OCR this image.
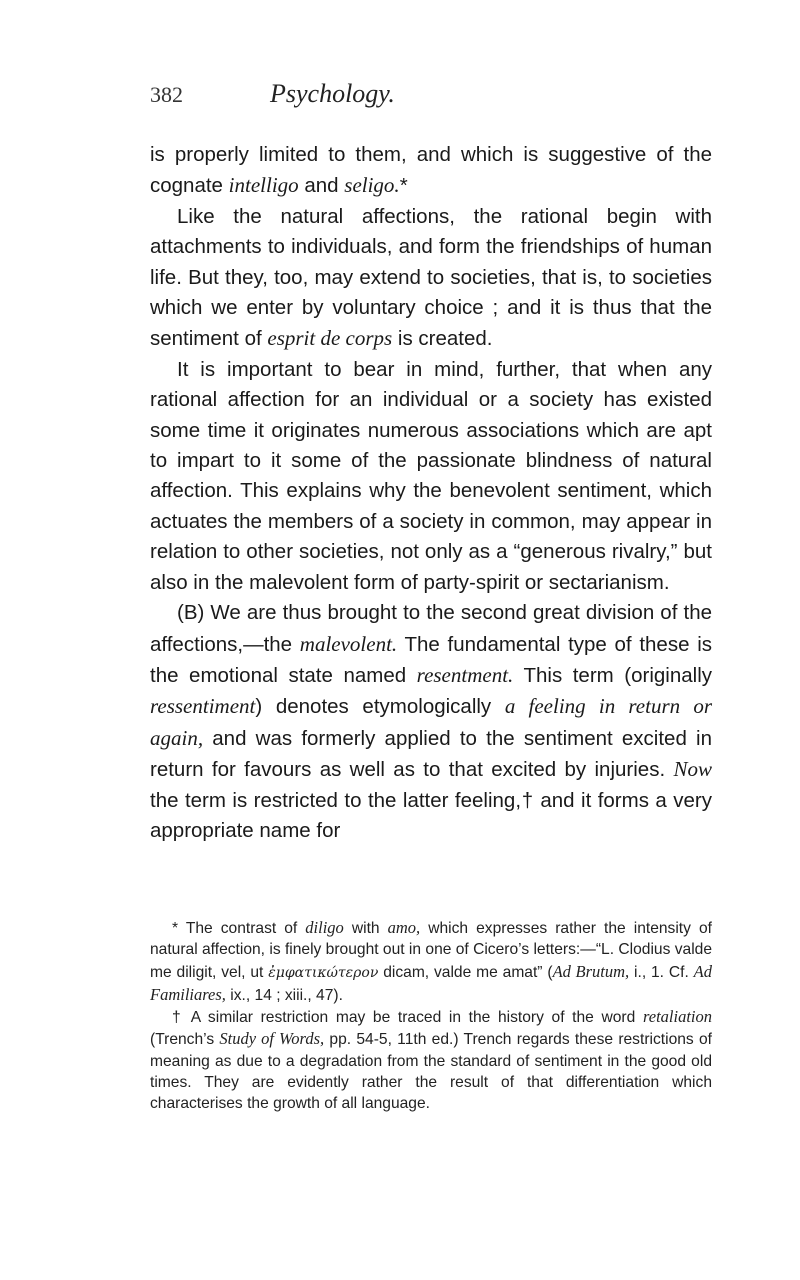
382	Psychology.

is properly limited to them, and which is suggestive of the cognate intelligo and seligo.*

Like the natural affections, the rational begin with attachments to individuals, and form the friendships of human life. But they, too, may extend to societies, that is, to societies which we enter by voluntary choice ; and it is thus that the sentiment of esprit de corps is created.

It is important to bear in mind, further, that when any rational affection for an individual or a society has existed some time it originates numerous associations which are apt to impart to it some of the passionate blindness of natural affection. This explains why the benevolent sentiment, which actuates the members of a society in common, may appear in relation to other societies, not only as a “generous rivalry,” but also in the malevolent form of party-spirit or sectarianism.

(B) We are thus brought to the second great division of the affections,—the malevolent. The fundamental type of these is the emotional state named resentment. This term (originally ressentiment) denotes etymologically a feeling in return or again, and was formerly applied to the sentiment excited in return for favours as well as to that excited by injuries. Now the term is restricted to the latter feeling,† and it forms a very appropriate name for

* The contrast of diligo with amo, which expresses rather the intensity of natural affection, is finely brought out in one of Cicero’s letters:—“L. Clodius valde me diligit, vel, ut ἐμφατικώτερον dicam, valde me amat” (Ad Brutum, i., 1. Cf. Ad Familiares, ix., 14 ; xiii., 47).

† A similar restriction may be traced in the history of the word retaliation (Trench’s Study of Words, pp. 54-5, 11th ed.) Trench regards these restrictions of meaning as due to a degradation from the standard of sentiment in the good old times. They are evidently rather the result of that differentiation which characterises the growth of all language.
